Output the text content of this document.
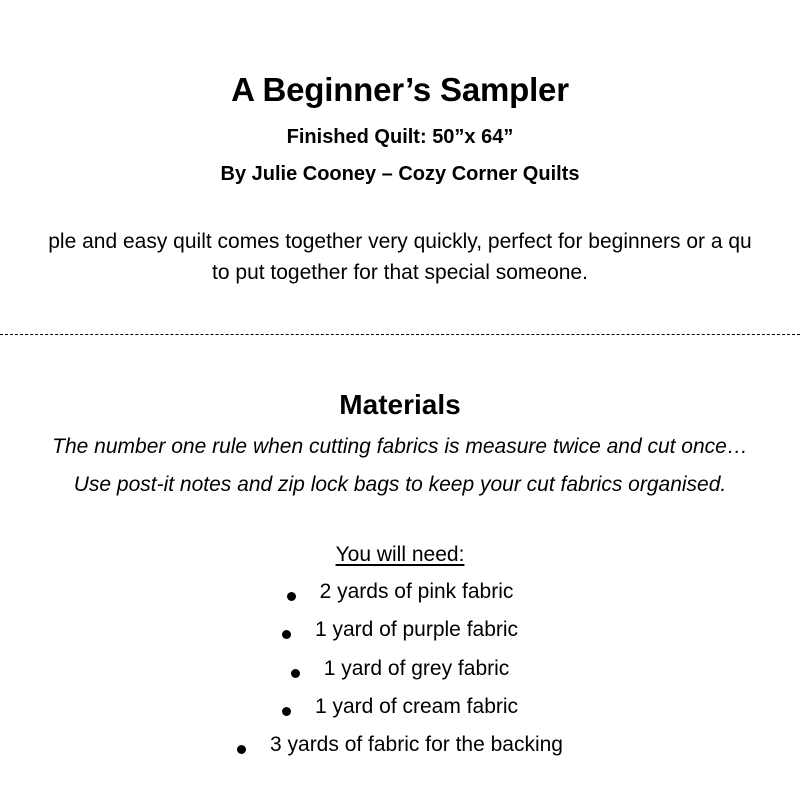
A Beginner’s Sampler
Finished Quilt: 50”x 64”
By Julie Cooney – Cozy Corner Quilts
ple and easy quilt comes together very quickly, perfect for beginners or a qu
to put together for that special someone.
Materials
The number one rule when cutting fabrics is measure twice and cut once…
Use post-it notes and zip lock bags to keep your cut fabrics organised.
You will need:
2 yards of pink fabric
1 yard of purple fabric
1 yard of grey fabric
1 yard of cream fabric
3 yards of fabric for the backing
